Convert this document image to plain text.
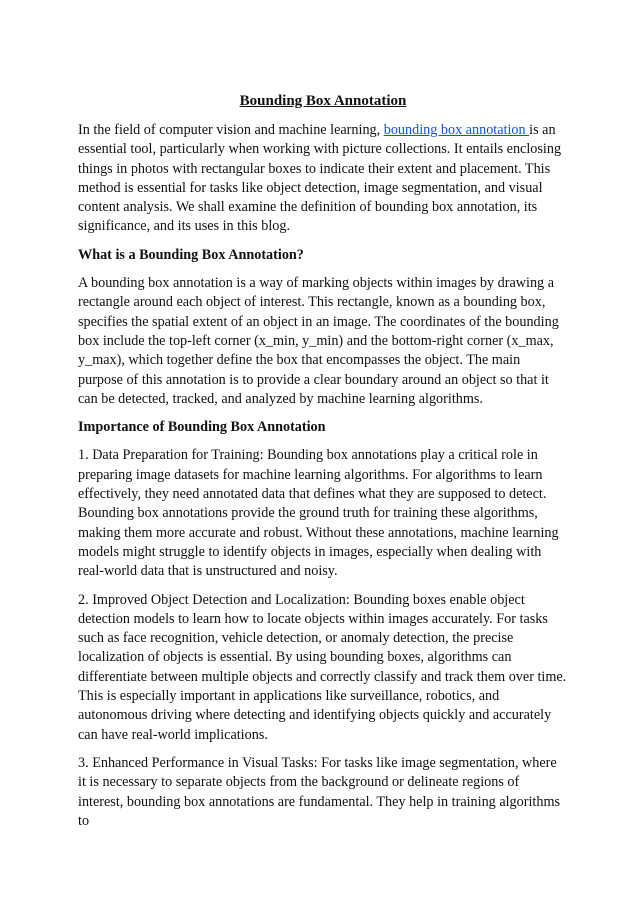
Bounding Box Annotation

In the field of computer vision and machine learning, bounding box annotation is an essential tool, particularly when working with picture collections. It entails enclosing things in photos with rectangular boxes to indicate their extent and placement. This method is essential for tasks like object detection, image segmentation, and visual content analysis. We shall examine the definition of bounding box annotation, its significance, and its uses in this blog.

What is a Bounding Box Annotation?

A bounding box annotation is a way of marking objects within images by drawing a rectangle around each object of interest. This rectangle, known as a bounding box, specifies the spatial extent of an object in an image. The coordinates of the bounding box include the top-left corner (x_min, y_min) and the bottom-right corner (x_max, y_max), which together define the box that encompasses the object. The main purpose of this annotation is to provide a clear boundary around an object so that it can be detected, tracked, and analyzed by machine learning algorithms.

Importance of Bounding Box Annotation

1. Data Preparation for Training: Bounding box annotations play a critical role in preparing image datasets for machine learning algorithms. For algorithms to learn effectively, they need annotated data that defines what they are supposed to detect. Bounding box annotations provide the ground truth for training these algorithms, making them more accurate and robust. Without these annotations, machine learning models might struggle to identify objects in images, especially when dealing with real-world data that is unstructured and noisy.

2. Improved Object Detection and Localization: Bounding boxes enable object detection models to learn how to locate objects within images accurately. For tasks such as face recognition, vehicle detection, or anomaly detection, the precise localization of objects is essential. By using bounding boxes, algorithms can differentiate between multiple objects and correctly classify and track them over time. This is especially important in applications like surveillance, robotics, and autonomous driving where detecting and identifying objects quickly and accurately can have real-world implications.

3. Enhanced Performance in Visual Tasks: For tasks like image segmentation, where it is necessary to separate objects from the background or delineate regions of interest, bounding box annotations are fundamental. They help in training algorithms to
